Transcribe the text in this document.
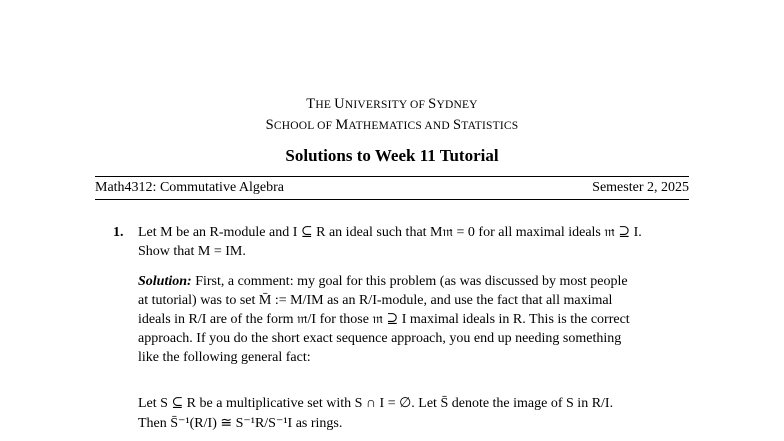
THE UNIVERSITY OF SYDNEY
SCHOOL OF MATHEMATICS AND STATISTICS
Solutions to Week 11 Tutorial
Math4312: Commutative Algebra	Semester 2, 2025
1. Let M be an R-module and I ⊆ R an ideal such that M𝔪 = 0 for all maximal ideals 𝔪 ⊇ I.
Show that M = IM.
Solution: First, a comment: my goal for this problem (as was discussed by most people
at tutorial) was to set M̄ := M/IM as an R/I-module, and use the fact that all maximal
ideals in R/I are of the form 𝔪/I for those 𝔪 ⊇ I maximal ideals in R. This is the correct
approach. If you do the short exact sequence approach, you end up needing something
like the following general fact:
Let S ⊆ R be a multiplicative set with S ∩ I = ∅. Let S̄ denote the image of S in R/I.
Then S̄⁻¹(R/I) ≅ S⁻¹R/S⁻¹I as rings.
